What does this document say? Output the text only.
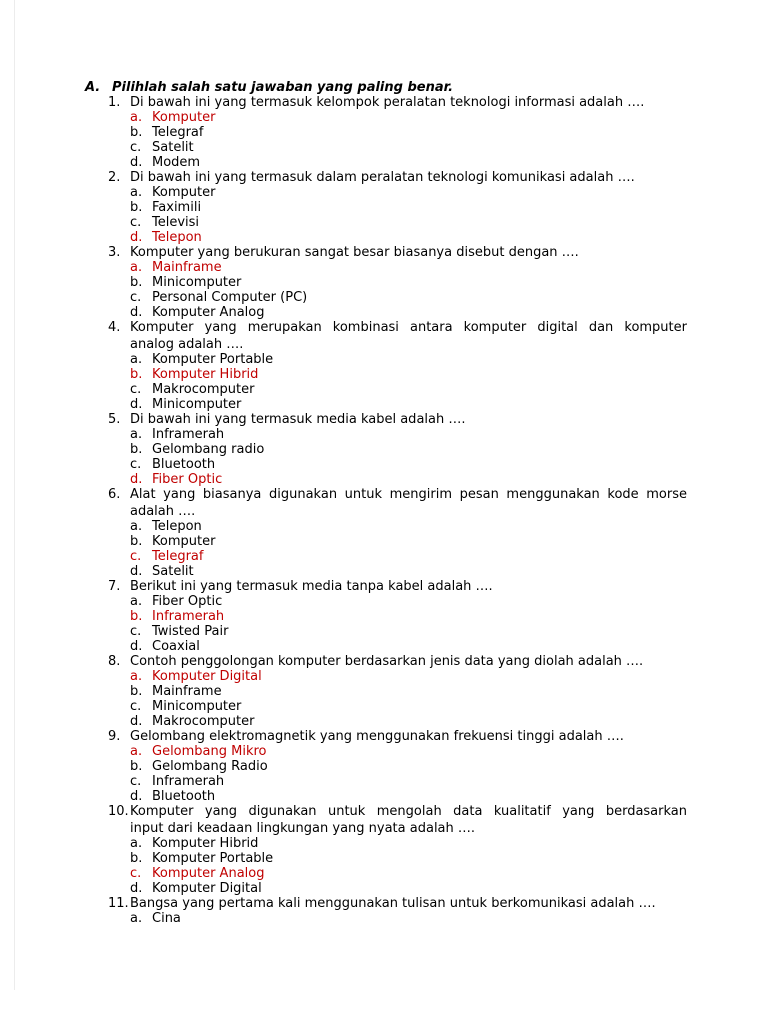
A. Pilihlah salah satu jawaban yang paling benar.
1. Di bawah ini yang termasuk kelompok peralatan teknologi informasi adalah ….
a. Komputer
b. Telegraf
c. Satelit
d. Modem
2. Di bawah ini yang termasuk dalam peralatan teknologi komunikasi adalah ….
a. Komputer
b. Faximili
c. Televisi
d. Telepon
3. Komputer yang berukuran sangat besar biasanya disebut dengan ….
a. Mainframe
b. Minicomputer
c. Personal Computer (PC)
d. Komputer Analog
4. Komputer yang merupakan kombinasi antara komputer digital dan komputer
analog adalah ….
a. Komputer Portable
b. Komputer Hibrid
c. Makrocomputer
d. Minicomputer
5. Di bawah ini yang termasuk media kabel adalah ….
a. Inframerah
b. Gelombang radio
c. Bluetooth
d. Fiber Optic
6. Alat yang biasanya digunakan untuk mengirim pesan menggunakan kode morse
adalah ….
a. Telepon
b. Komputer
c. Telegraf
d. Satelit
7. Berikut ini yang termasuk media tanpa kabel adalah ….
a. Fiber Optic
b. Inframerah
c. Twisted Pair
d. Coaxial
8. Contoh penggolongan komputer berdasarkan jenis data yang diolah adalah ….
a. Komputer Digital
b. Mainframe
c. Minicomputer
d. Makrocomputer
9. Gelombang elektromagnetik yang menggunakan frekuensi tinggi adalah ….
a. Gelombang Mikro
b. Gelombang Radio
c. Inframerah
d. Bluetooth
10. Komputer yang digunakan untuk mengolah data kualitatif yang berdasarkan
input dari keadaan lingkungan yang nyata adalah ….
a. Komputer Hibrid
b. Komputer Portable
c. Komputer Analog
d. Komputer Digital
11. Bangsa yang pertama kali menggunakan tulisan untuk berkomunikasi adalah ….
a. Cina
